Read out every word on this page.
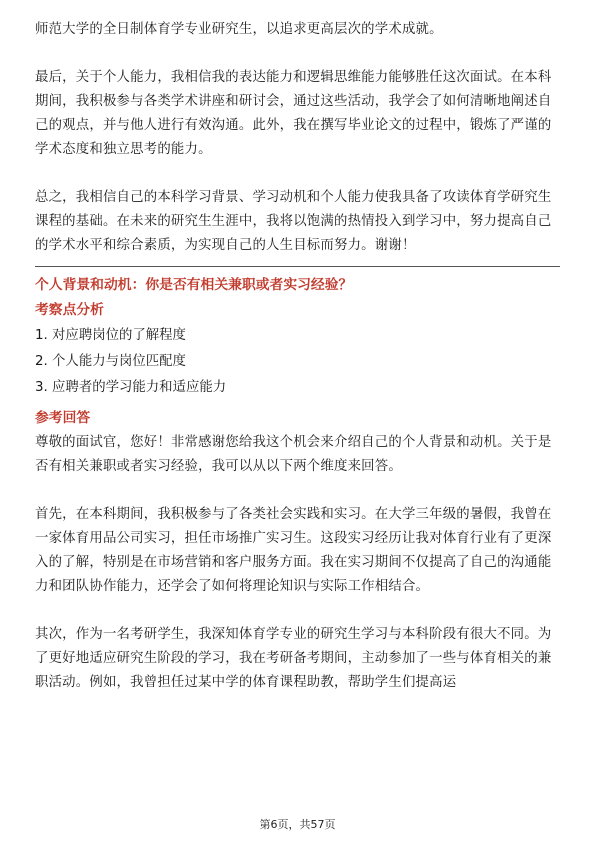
师范大学的全日制体育学专业研究生，以追求更高层次的学术成就。

最后，关于个人能力，我相信我的表达能力和逻辑思维能力能够胜任这次面试。在本科期间，我积极参与各类学术讲座和研讨会，通过这些活动，我学会了如何清晰地阐述自己的观点，并与他人进行有效沟通。此外，我在撰写毕业论文的过程中，锻炼了严谨的学术态度和独立思考的能力。

总之，我相信自己的本科学习背景、学习动机和个人能力使我具备了攻读体育学研究生课程的基础。在未来的研究生生涯中，我将以饱满的热情投入到学习中，努力提高自己的学术水平和综合素质，为实现自己的人生目标而努力。谢谢！

个人背景和动机：你是否有相关兼职或者实习经验？

考察点分析

1. 对应聘岗位的了解程度
2. 个人能力与岗位匹配度
3. 应聘者的学习能力和适应能力

参考回答

尊敬的面试官，您好！非常感谢您给我这个机会来介绍自己的个人背景和动机。关于是否有相关兼职或者实习经验，我可以从以下两个维度来回答。

首先，在本科期间，我积极参与了各类社会实践和实习。在大学三年级的暑假，我曾在一家体育用品公司实习，担任市场推广实习生。这段实习经历让我对体育行业有了更深入的了解，特别是在市场营销和客户服务方面。我在实习期间不仅提高了自己的沟通能力和团队协作能力，还学会了如何将理论知识与实际工作相结合。

其次，作为一名考研学生，我深知体育学专业的研究生学习与本科阶段有很大不同。为了更好地适应研究生阶段的学习，我在考研备考期间，主动参加了一些与体育相关的兼职活动。例如，我曾担任过某中学的体育课程助教，帮助学生们提高运

第6页，共57页
